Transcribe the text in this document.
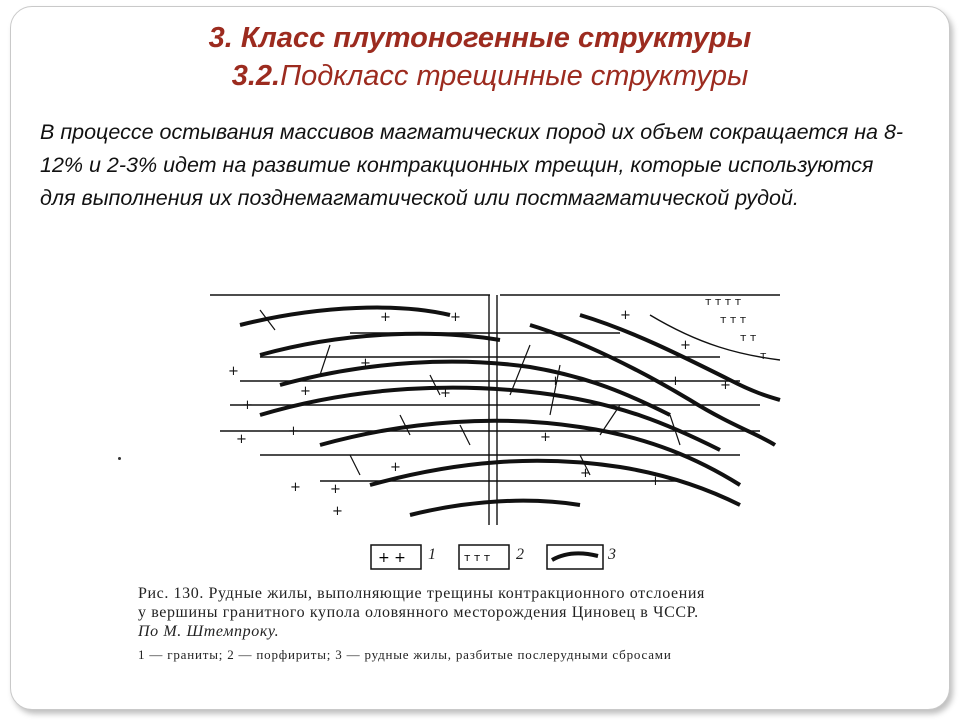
3. Класс плутоногенные структуры
3.2.Подкласс трещинные структуры
В процессе остывания массивов магматических пород их объем сокращается на 8-12% и 2-3% идет на развитие контракционных трещин, которые используются для выполнения их позднемагматической или постмагматической рудой.
+
+	+
+
+
+
+
+
+
+
+
+
+
+
+
+
+
+
+
+
+
т т т т
т т т
т т
т
+ + 1	т т т 2	3
Рис. 130. Рудные жилы, выполняющие трещины контракционного отслоения
у вершины гранитного купола оловянного месторождения Циновец в ЧССР.
По М. Штемпроку.
1 — граниты; 2 — порфириты; 3 — рудные жилы, разбитые послерудными сбросами
